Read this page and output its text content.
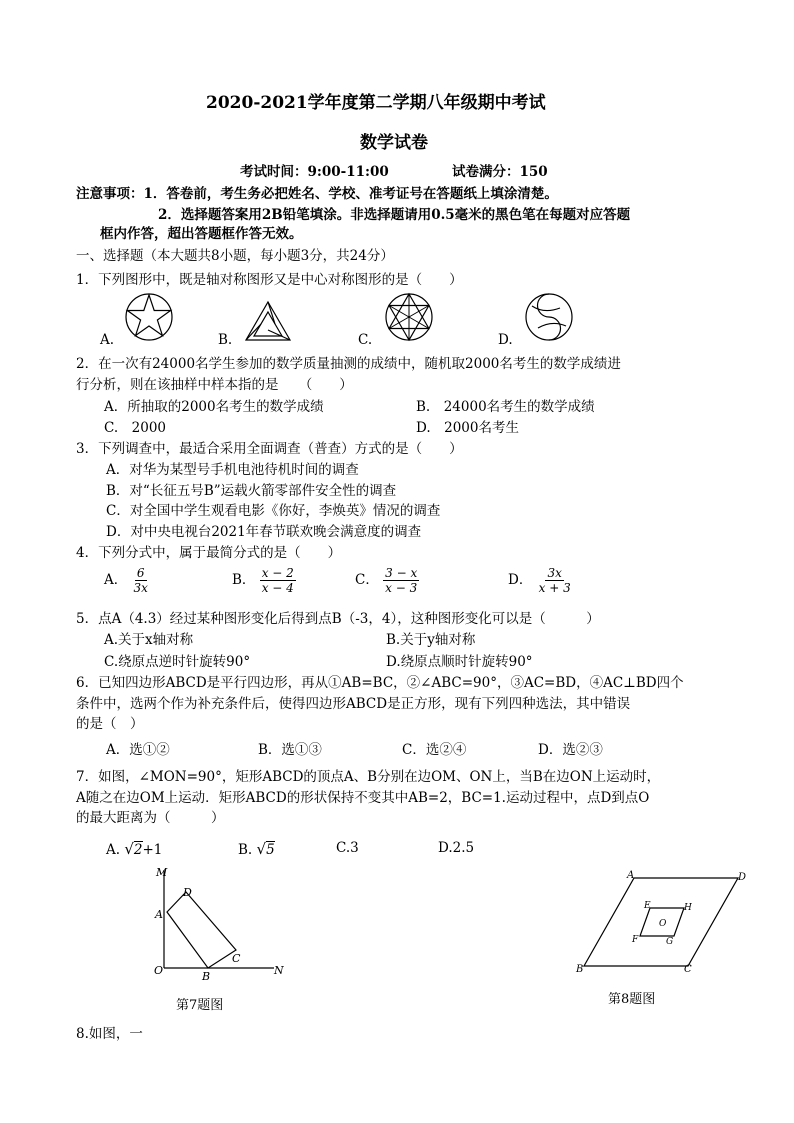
2020-2021学年度第二学期八年级期中考试
数学试卷
考试时间：9:00-11:00	试卷满分：150
注意事项：1．答卷前，考生务必把姓名、学校、准考证号在答题纸上填涂清楚。
2．选择题答案用2B铅笔填涂。非选择题请用0.5毫米的黑色笔在每题对应答题
框内作答，超出答题框作答无效。
一、选择题（本大题共8小题，每小题3分，共24分）
1．下列图形中，既是轴对称图形又是中心对称图形的是（　　）
A.	B.	C.	D.
2．在一次有24000名学生参加的数学质量抽测的成绩中，随机取2000名考生的数学成绩进
行分析，则在该抽样中样本指的是　　（　　）
A．所抽取的2000名考生的数学成绩	B.　24000名考生的数学成绩
C.　2000	D.　2000名考生
3．下列调查中，最适合采用全面调查（普查）方式的是（　　）
A．对华为某型号手机电池待机时间的调查
B．对“长征五号B”运载火箭零部件安全性的调查
C．对全国中学生观看电影《你好，李焕英》情况的调查
D．对中央电视台2021年春节联欢晚会满意度的调查
4．下列分式中，属于最简分式的是（　　）
A． $\frac{6}{3x}$	B． $\frac{x - 2}{x - 4}$	C． $\frac{3 - x}{x - 3}$	D． $\frac{3x}{x + 3}$
5．点A（4.3）经过某种图形变化后得到点B（-3，4），这种图形变化可以是（　　　）
A.关于x轴对称	B.关于y轴对称
C.绕原点逆时针旋转90°	D.绕原点顺时针旋转90°
6．已知四边形ABCD是平行四边形，再从①AB=BC，②∠ABC=90°，③AC=BD，④AC⊥BD四个
条件中，选两个作为补充条件后，使得四边形ABCD是正方形，现有下列四种选法，其中错误
的是（　）
A．选①②	B．选①③	C．选②④	D．选②③
7．如图，∠MON=90°，矩形ABCD的顶点A、B分别在边OM、ON上，当B在边ON上运动时，
A随之在边OM上运动．矩形ABCD的形状保持不变其中AB=2，BC=1.运动过程中，点D到点O
的最大距离为（　　　）
A. √2+1	B. √5	C.3	D.2.5
M
D
A
C
O	B	N
第7题图
A	D
B	C
E	H
F	G
O
第8题图
8.如图，一
